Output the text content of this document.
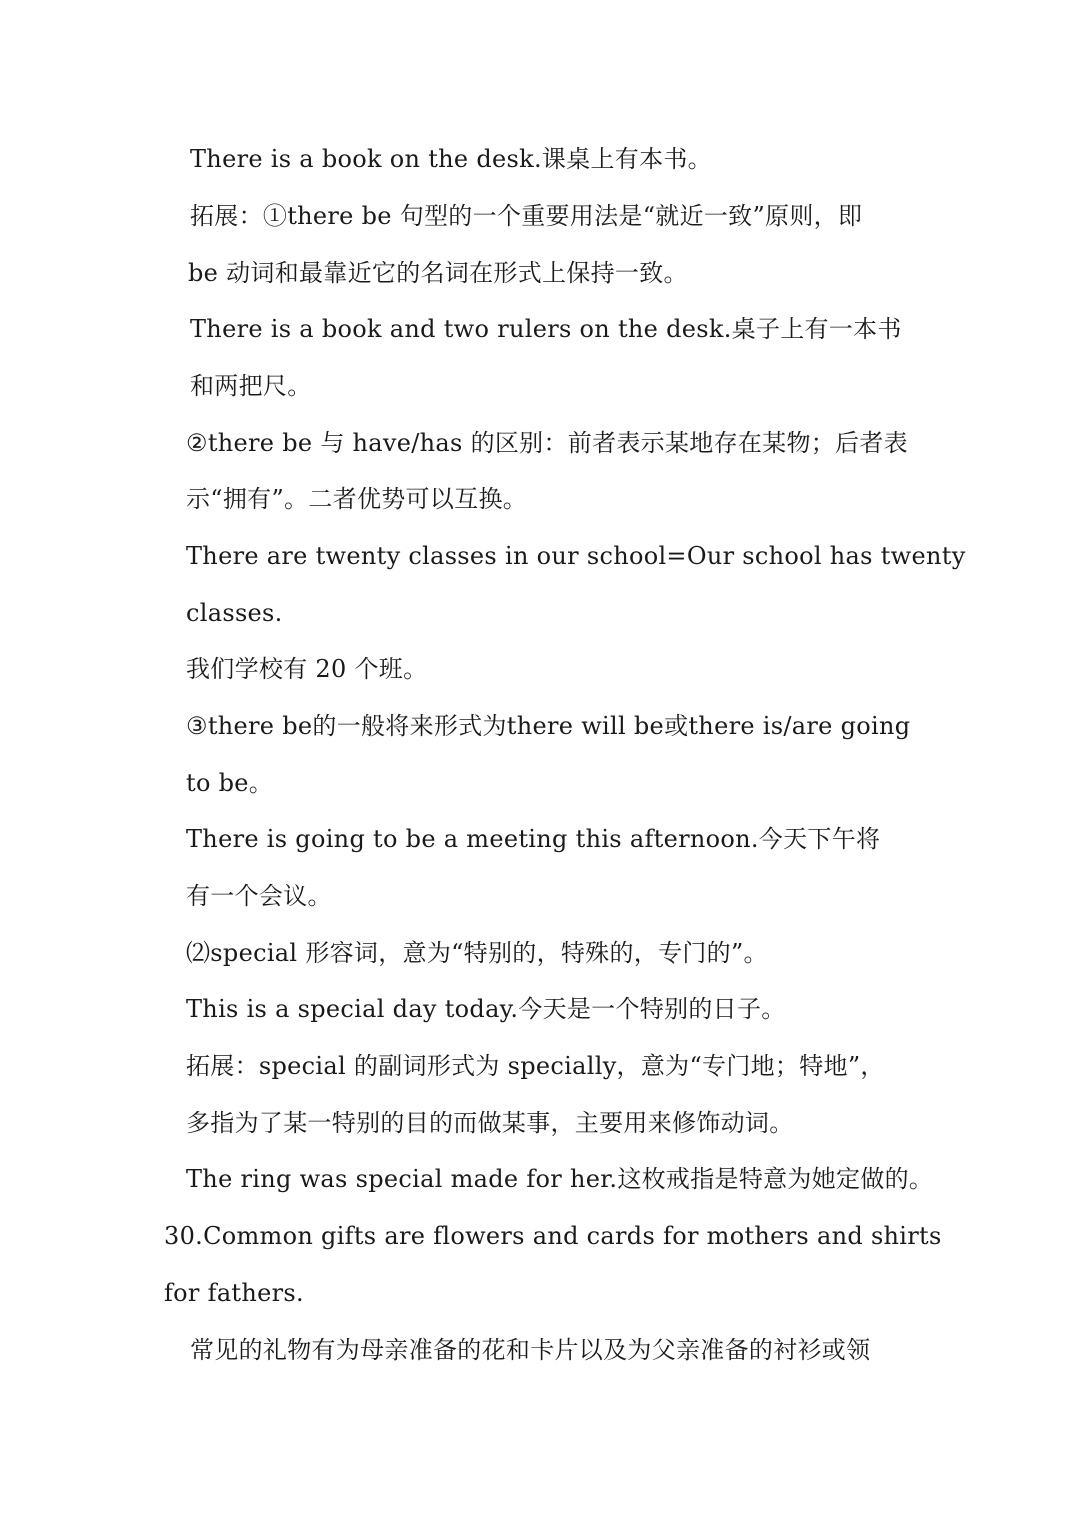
There is a book on the desk.课桌上有本书。
拓展：①there be 句型的一个重要用法是“就近一致”原则，即
be 动词和最靠近它的名词在形式上保持一致。
There is a book and two rulers on the desk.桌子上有一本书
和两把尺。
②there be 与 have/has 的区别：前者表示某地存在某物；后者表
示“拥有”。二者优势可以互换。
There are twenty classes in our school=Our school has twenty
classes.
我们学校有 20 个班。
③there be的一般将来形式为there will be或there is/are going
to be。
There is going to be a meeting this afternoon.今天下午将
有一个会议。
⑵special 形容词，意为“特别的，特殊的，专门的”。
This is a special day today.今天是一个特别的日子。
拓展：special 的副词形式为 specially，意为“专门地；特地”，
多指为了某一特别的目的而做某事，主要用来修饰动词。
The ring was special made for her.这枚戒指是特意为她定做的。
30.Common gifts are flowers and cards for mothers and shirts
for fathers.
常见的礼物有为母亲准备的花和卡片以及为父亲准备的衬衫或领
